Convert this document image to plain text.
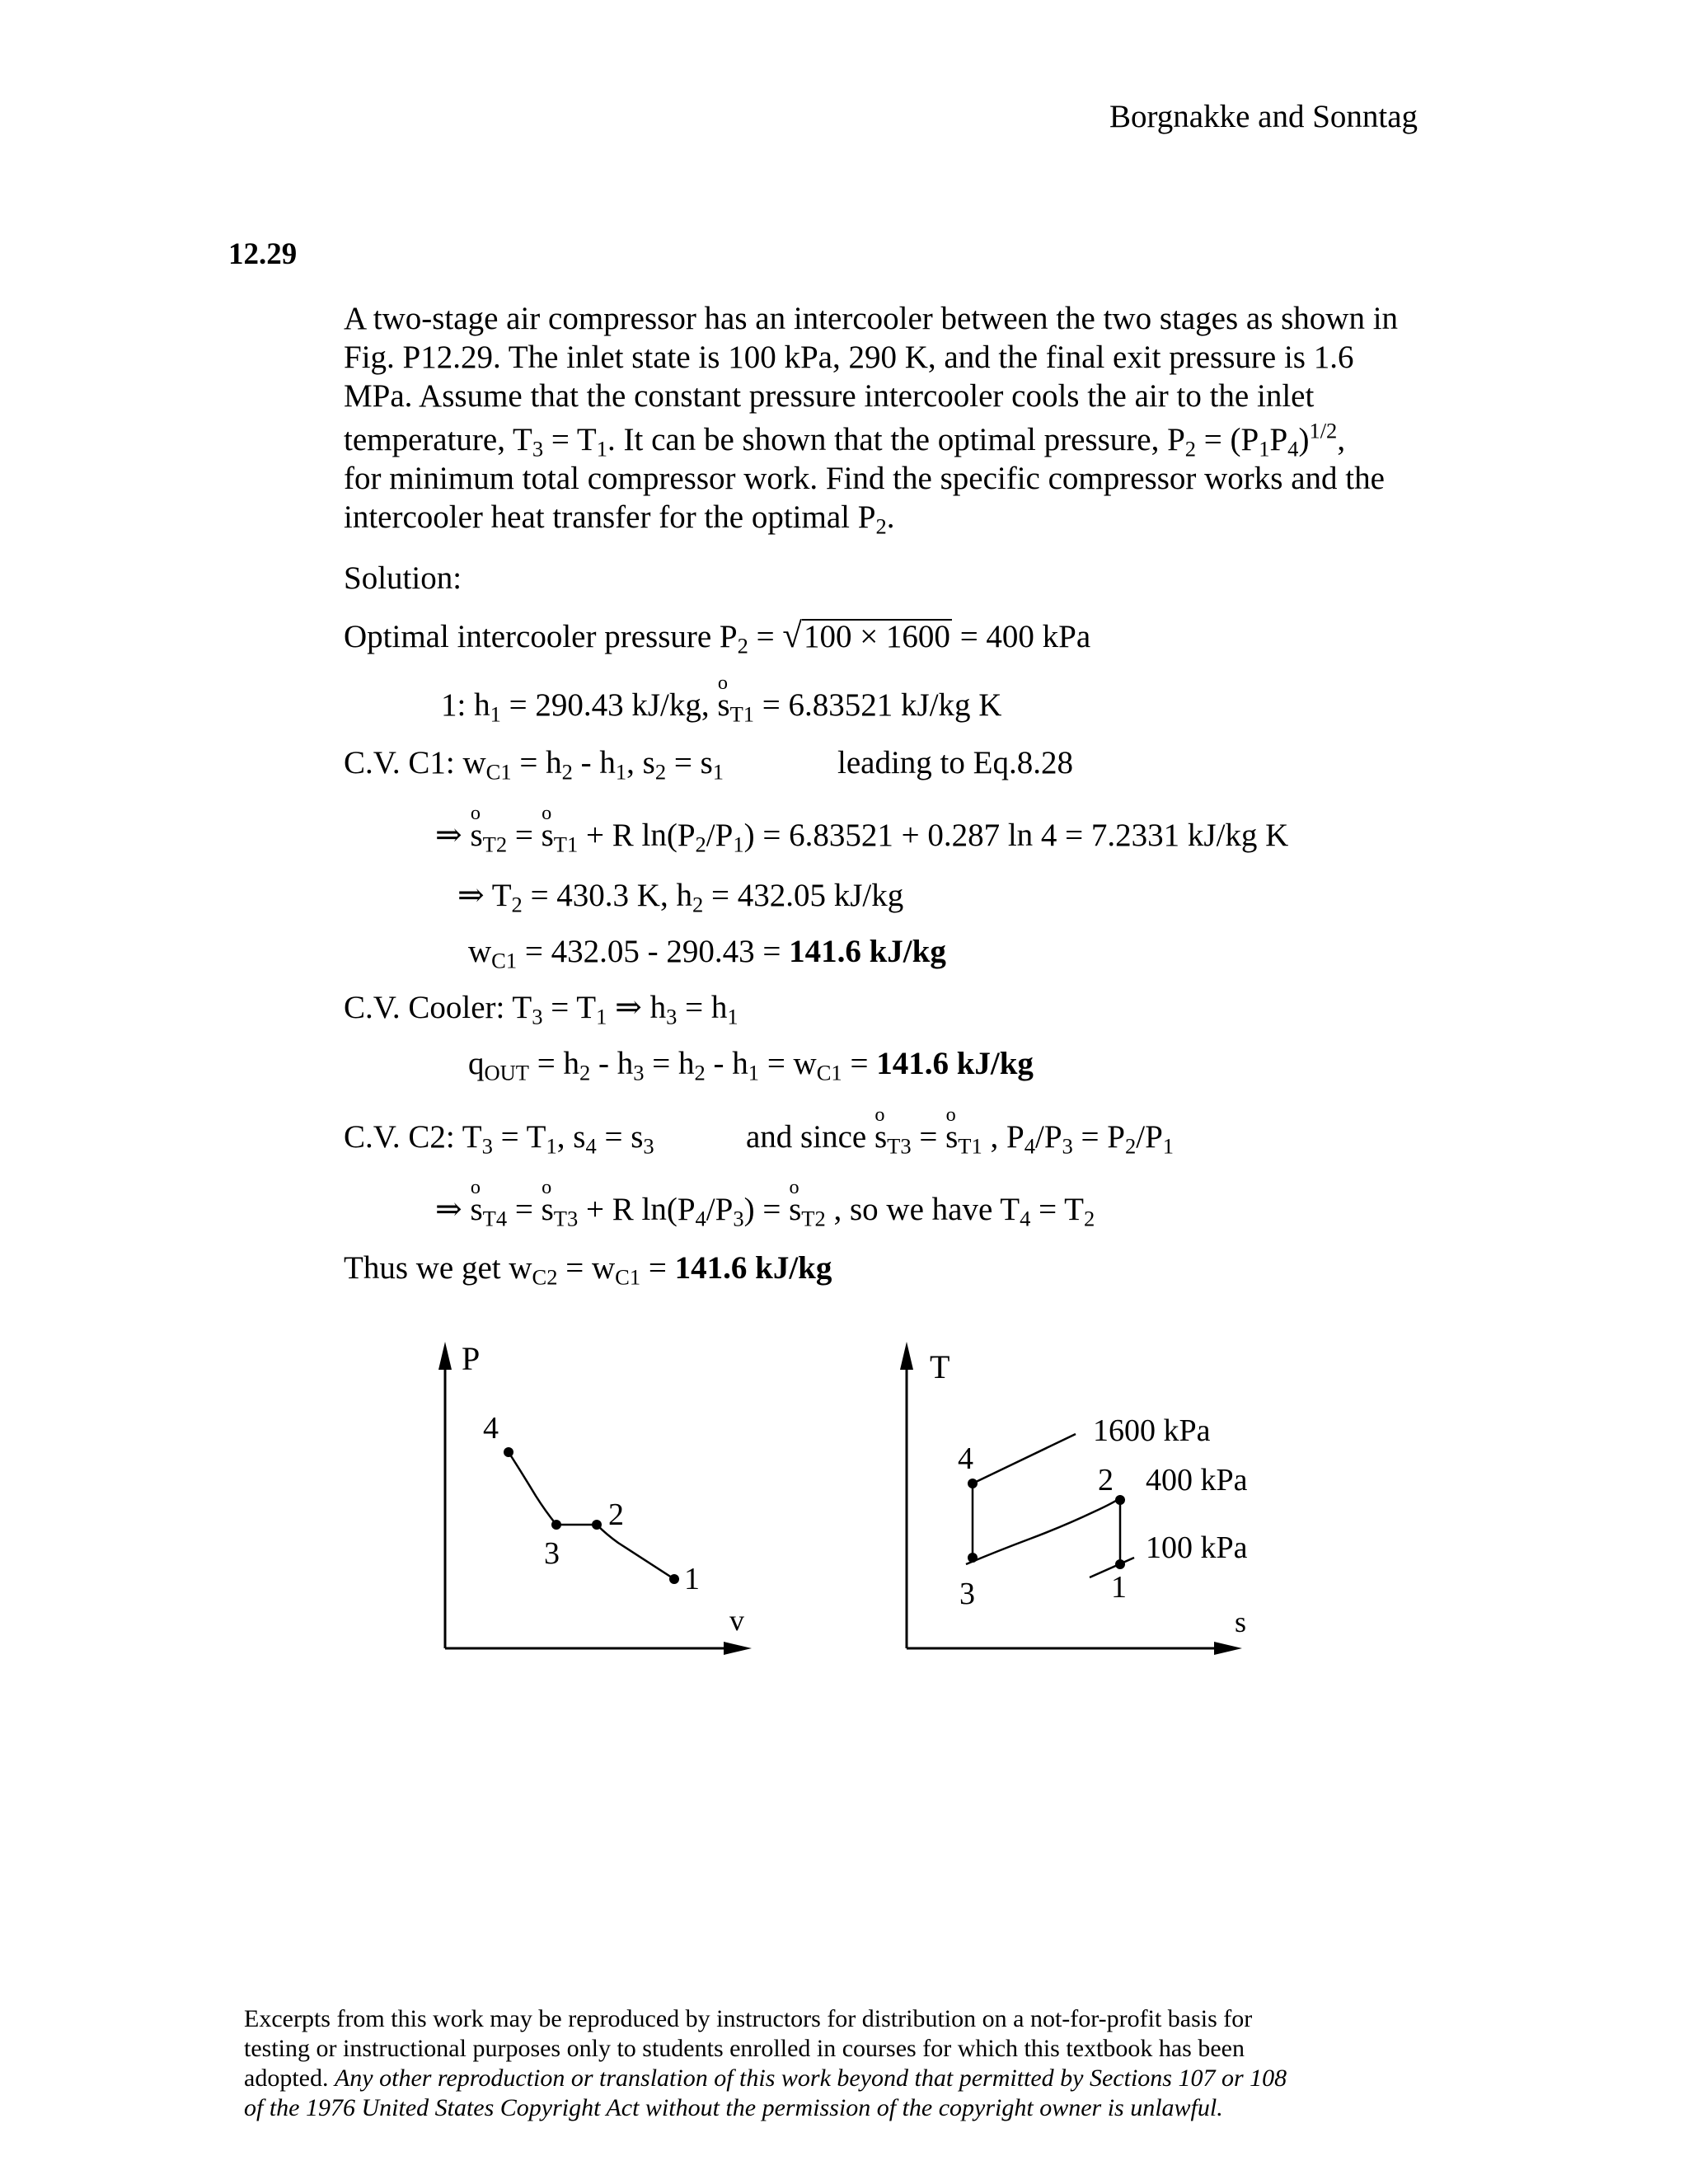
Borgnakke and Sonntag
12.29
A two-stage air compressor has an intercooler between the two stages as shown in
Fig. P12.29. The inlet state is 100 kPa, 290 K, and the final exit pressure is 1.6
MPa. Assume that the constant pressure intercooler cools the air to the inlet
temperature, $T_3 = T_1$. It can be shown that the optimal pressure, $P_2 = (P_1P_4)^{1/2}$,
for minimum total compressor work. Find the specific compressor works and the
intercooler heat transfer for the optimal $P_2$.
Solution:
Optimal intercooler pressure $P_2 = √100 \times 1600 = 400$ kPa
1: $h_1 = 290.43$ kJ/kg, o $s_{T1} = 6.83521$ kJ/kg K
C.V. C1: $w_{C1} = h_2 - h_1$, $s_2 = s_1$	leading to Eq.8.28
⇒ o $s_{T2} = o$ $s_{T1} + R$ $\ln(P_2/P_1) = 6.83521 + 0.287$ ln 4 = 7.2331 kJ/kg K
⇒ $T_2 = 430.3$ K, $h_2 = 432.05$ kJ/kg
$w_{C1} = 432.05 - 290.43 = 141.6$ kJ/kg
C.V. Cooler: $T_3 = T_1$ ⇒ $h_3 = h_1$
$q_{OUT} = h_2 - h_3 = h_2 - h_1 = w_{C1} = 141.6$ kJ/kg
C.V. C2: $T_3 = T_1$, $s_4 = s_3$	and since o $s_{T3} = o$ $s_{T1}$ , $P_4/P_3 = P_2/P_1$
⇒ o $s_{T4} = o$ $s_{T3} + R$ $\ln(P_4/P_3) = o$ $s_{T2}$ , so we have $T_4 = T_2$
Thus we get $w_{C2} = w_{C1} = 141.6$ kJ/kg
P
v
4
3
2
1
T
s
4
2
3	1
1600 kPa
400 kPa
100 kPa
Excerpts from this work may be reproduced by instructors for distribution on a not-for-profit basis for
testing or instructional purposes only to students enrolled in courses for which this textbook has been
adopted. Any other reproduction or translation of this work beyond that permitted by Sections 107 or 108
of the 1976 United States Copyright Act without the permission of the copyright owner is unlawful.
